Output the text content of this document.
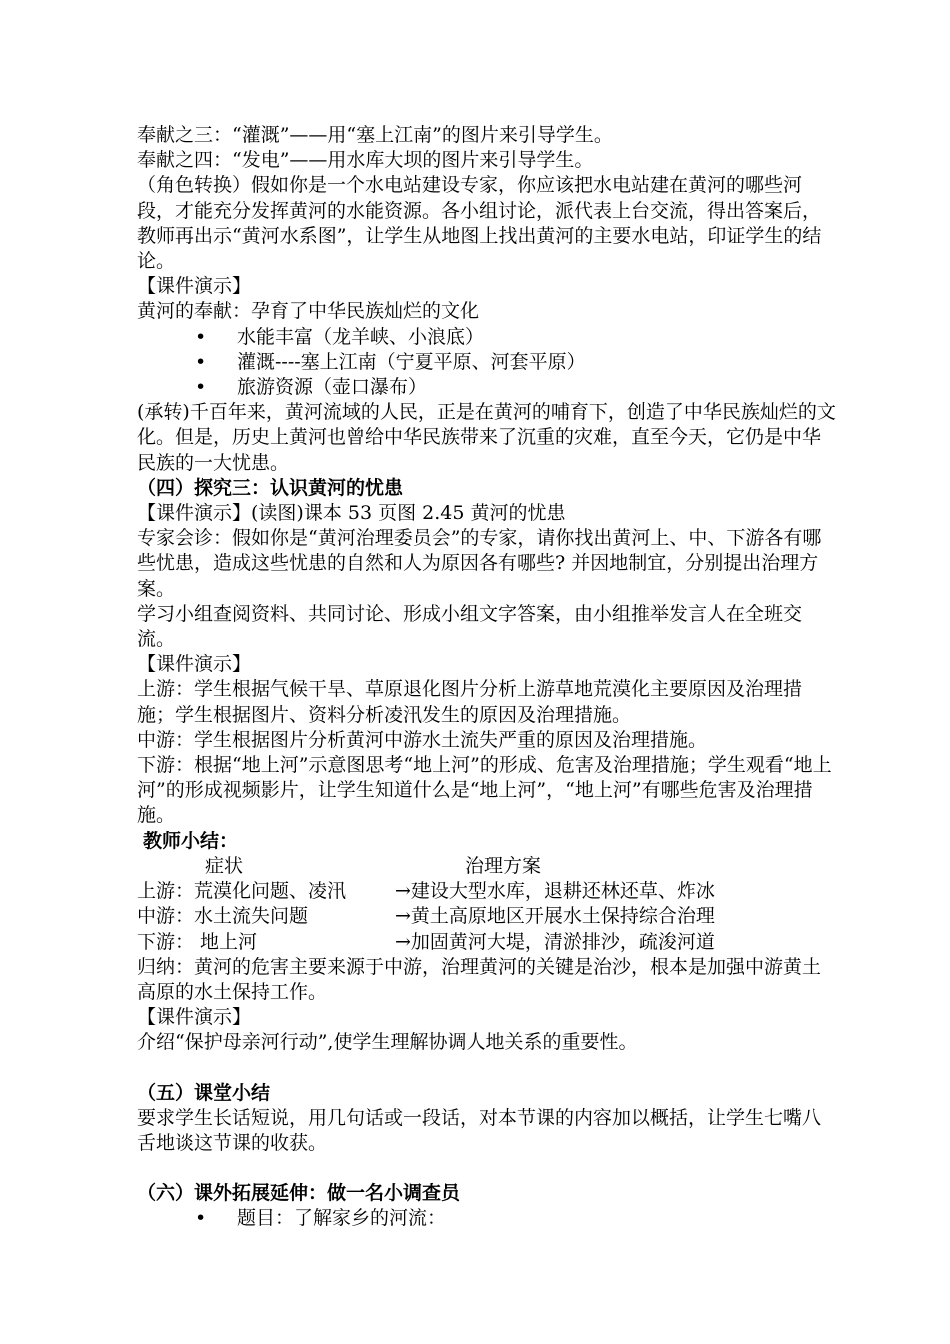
奉献之三：“灌溉”——用“塞上江南”的图片来引导学生。

奉献之四：“发电”——用水库大坝的图片来引导学生。

（角色转换）假如你是一个水电站建设专家，你应该把水电站建在黄河的哪些河段，才能充分发挥黄河的水能资源。各小组讨论，派代表上台交流，得出答案后，教师再出示“黄河水系图”，让学生从地图上找出黄河的主要水电站，印证学生的结论。

【课件演示】

黄河的奉献：孕育了中华民族灿烂的文化

• 水能丰富（龙羊峡、小浪底）
• 灌溉----塞上江南（宁夏平原、河套平原）
• 旅游资源（壶口瀑布）

(承转)千百年来，黄河流域的人民，正是在黄河的哺育下，创造了中华民族灿烂的文化。但是，历史上黄河也曾给中华民族带来了沉重的灾难，直至今天，它仍是中华民族的一大忧患。

（四）探究三：认识黄河的忧患

【课件演示】(读图)课本 53 页图 2.45 黄河的忧患

专家会诊：假如你是“黄河治理委员会”的专家，请你找出黄河上、中、下游各有哪些忧患，造成这些忧患的自然和人为原因各有哪些? 并因地制宜，分别提出治理方案。

学习小组查阅资料、共同讨论、形成小组文字答案，由小组推举发言人在全班交流。

【课件演示】

上游：学生根据气候干旱、草原退化图片分析上游草地荒漠化主要原因及治理措施；学生根据图片、资料分析凌汛发生的原因及治理措施。

中游：学生根据图片分析黄河中游水土流失严重的原因及治理措施。

下游：根据“地上河”示意图思考“地上河”的形成、危害及治理措施；学生观看“地上河”的形成视频影片，让学生知道什么是“地上河”，“地上河”有哪些危害及治理措施。

教师小结：

症状	治理方案
上游：荒漠化问题、凌汛	→建设大型水库，退耕还林还草、炸冰
中游：水土流失问题	→黄土高原地区开展水土保持综合治理
下游： 地上河	→加固黄河大堤，清淤排沙，疏浚河道

归纳：黄河的危害主要来源于中游，治理黄河的关键是治沙，根本是加强中游黄土高原的水土保持工作。

【课件演示】

介绍“保护母亲河行动”,使学生理解协调人地关系的重要性。

（五）课堂小结

要求学生长话短说，用几句话或一段话，对本节课的内容加以概括，让学生七嘴八舌地谈这节课的收获。

（六）课外拓展延伸：做一名小调查员

• 题目：了解家乡的河流：
